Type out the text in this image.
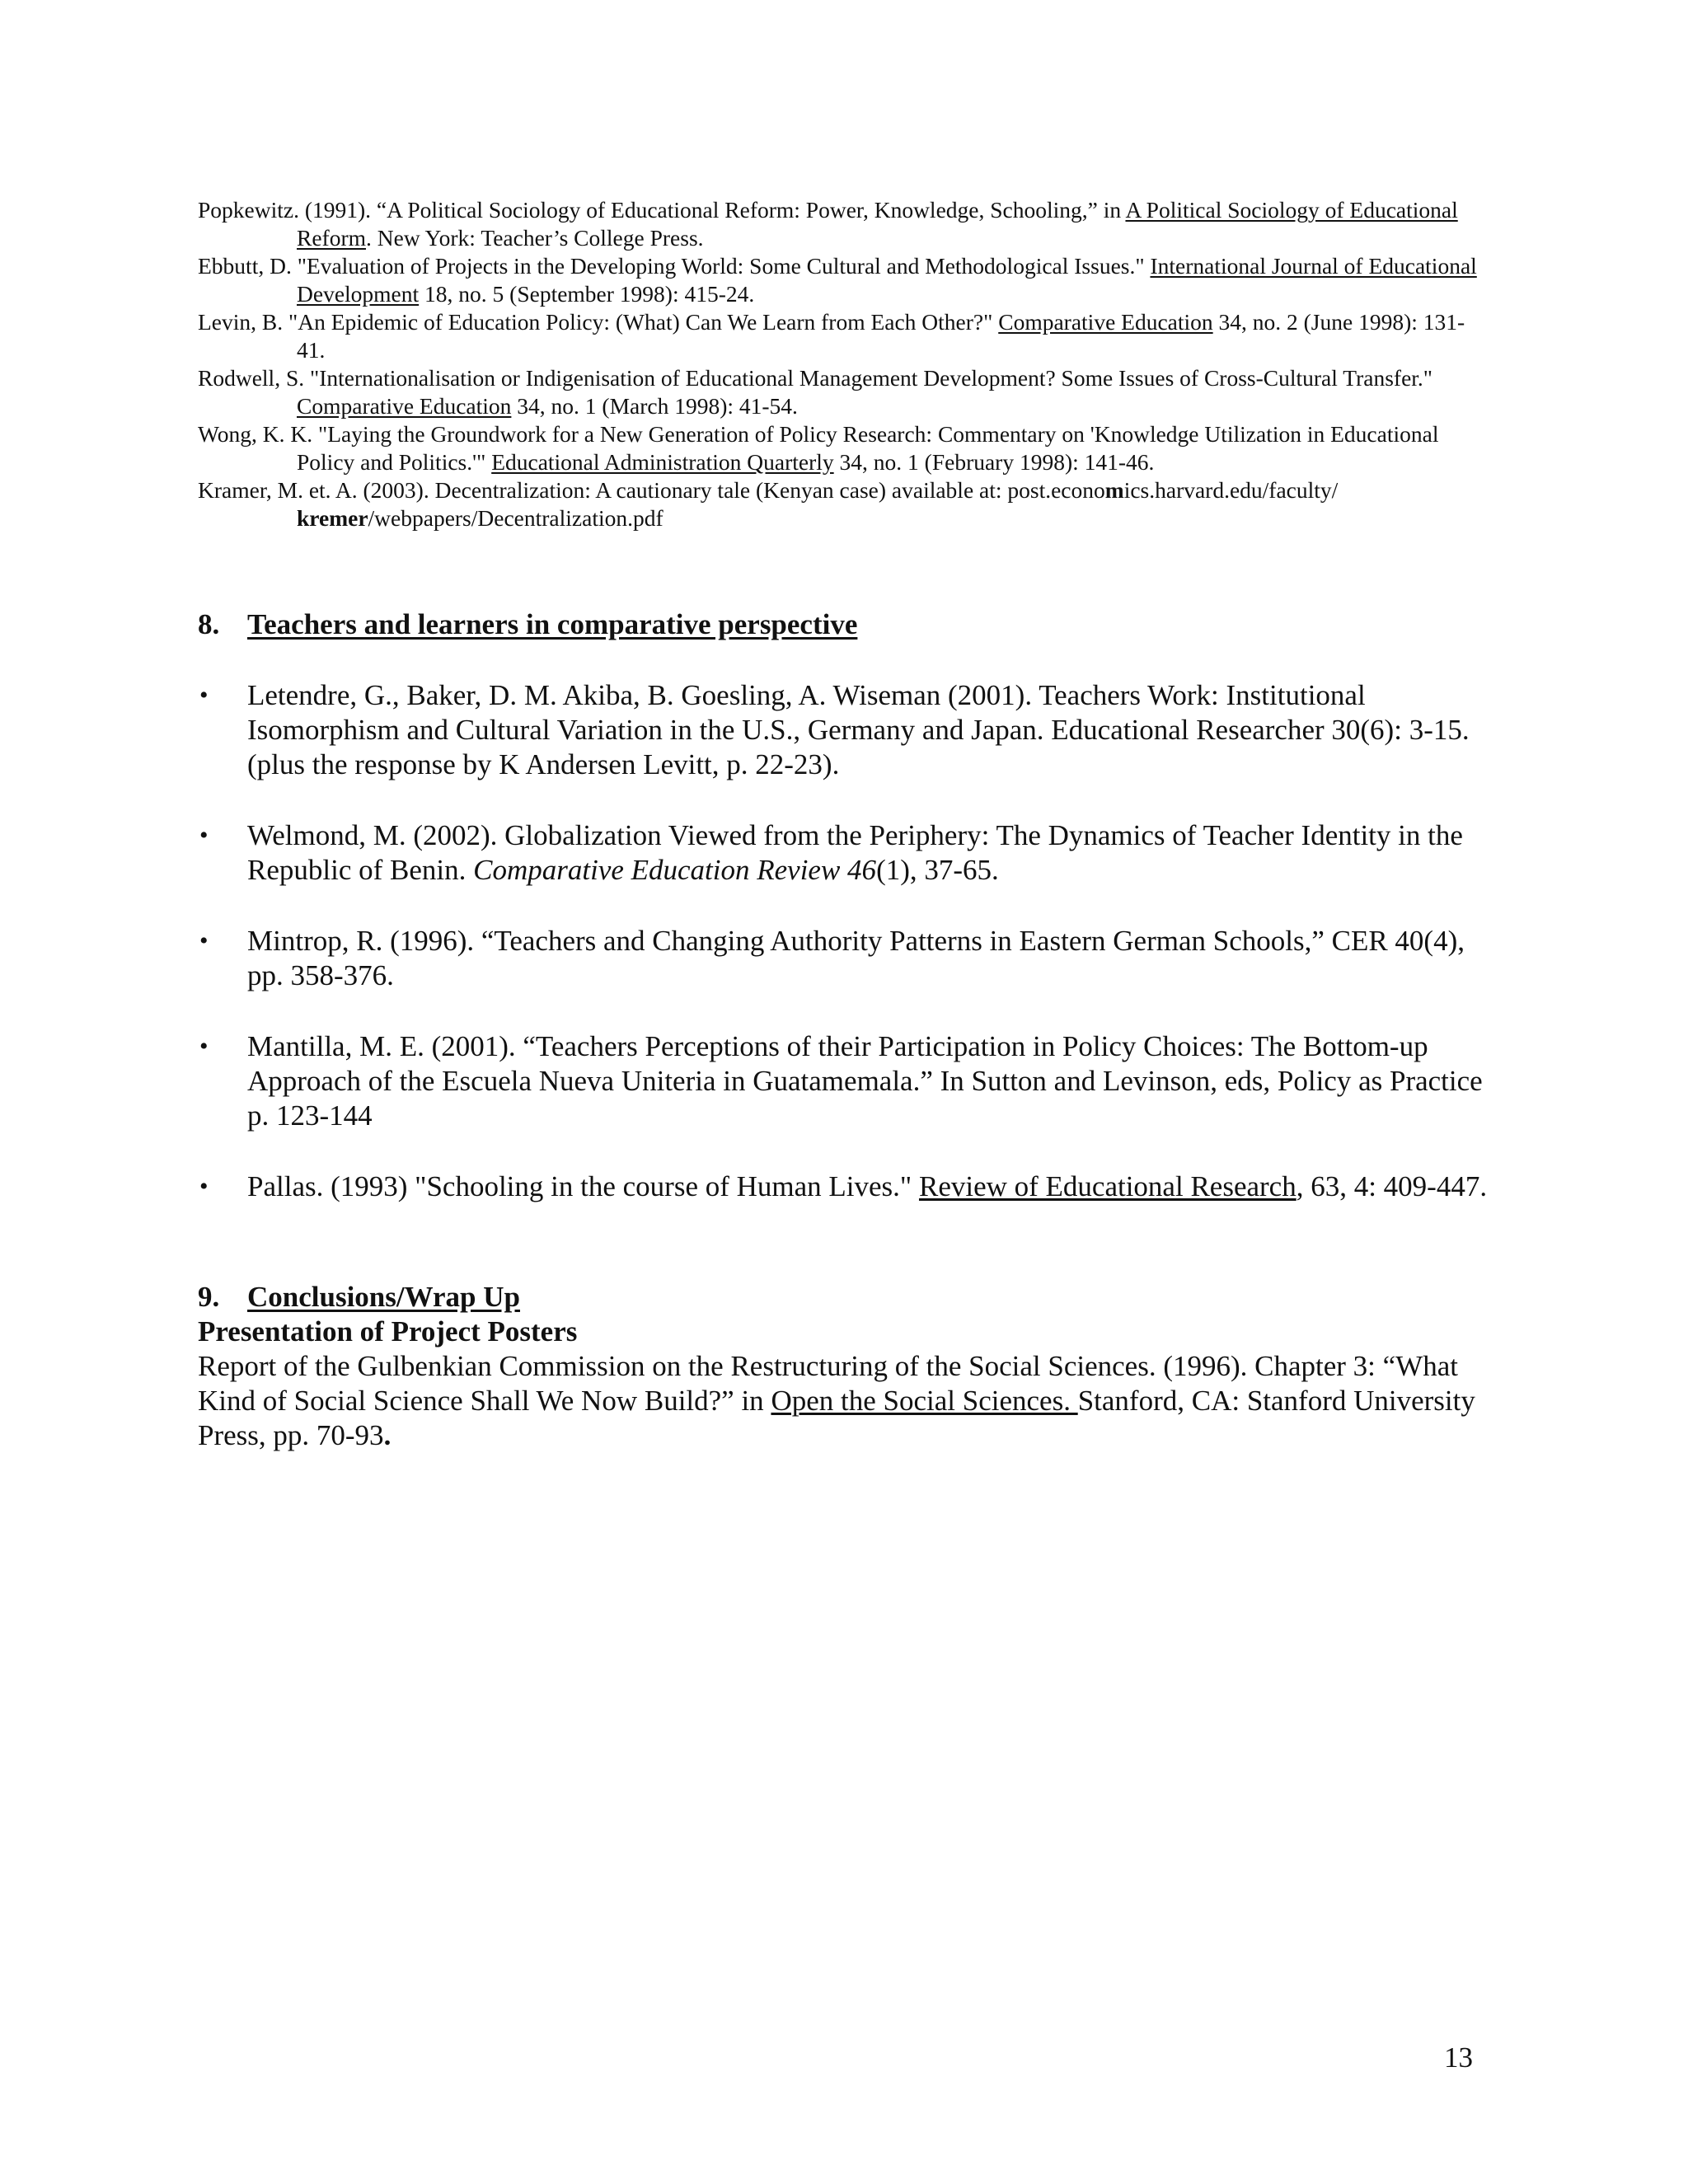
Popkewitz. (1991). “A Political Sociology of Educational Reform: Power, Knowledge, Schooling,” in A Political Sociology of Educational Reform. New York: Teacher’s College Press.

Ebbutt, D. "Evaluation of Projects in the Developing World: Some Cultural and Methodological Issues." International Journal of Educational Development 18, no. 5 (September 1998): 415-24.

Levin, B. "An Epidemic of Education Policy: (What) Can We Learn from Each Other?" Comparative Education 34, no. 2 (June 1998): 131-41.

Rodwell, S. "Internationalisation or Indigenisation of Educational Management Development? Some Issues of Cross-Cultural Transfer." Comparative Education 34, no. 1 (March 1998): 41-54.

Wong, K. K. "Laying the Groundwork for a New Generation of Policy Research: Commentary on 'Knowledge Utilization in Educational Policy and Politics.'" Educational Administration Quarterly 34, no. 1 (February 1998): 141-46.

Kramer, M. et. A. (2003). Decentralization: A cautionary tale (Kenyan case) available at: post.economics.harvard.edu/faculty/
kremer/webpapers/Decentralization.pdf

8. Teachers and learners in comparative perspective

• Letendre, G., Baker, D. M. Akiba, B. Goesling, A. Wiseman (2001). Teachers Work: Institutional Isomorphism and Cultural Variation in the U.S., Germany and Japan. Educational Researcher 30(6): 3-15. (plus the response by K Andersen Levitt, p. 22-23).

• Welmond, M. (2002). Globalization Viewed from the Periphery: The Dynamics of Teacher Identity in the Republic of Benin. Comparative Education Review 46(1), 37-65.

• Mintrop, R. (1996). “Teachers and Changing Authority Patterns in Eastern German Schools,” CER 40(4), pp. 358-376.

• Mantilla, M. E. (2001). “Teachers Perceptions of their Participation in Policy Choices: The Bottom-up Approach of the Escuela Nueva Uniteria in Guatamemala.” In Sutton and Levinson, eds, Policy as Practice p. 123-144

• Pallas. (1993) "Schooling in the course of Human Lives." Review of Educational Research, 63, 4: 409-447.

9. Conclusions/Wrap Up

Presentation of Project Posters

Report of the Gulbenkian Commission on the Restructuring of the Social Sciences. (1996). Chapter 3: “What Kind of Social Science Shall We Now Build?” in Open the Social Sciences. Stanford, CA: Stanford University Press, pp. 70-93.

13
